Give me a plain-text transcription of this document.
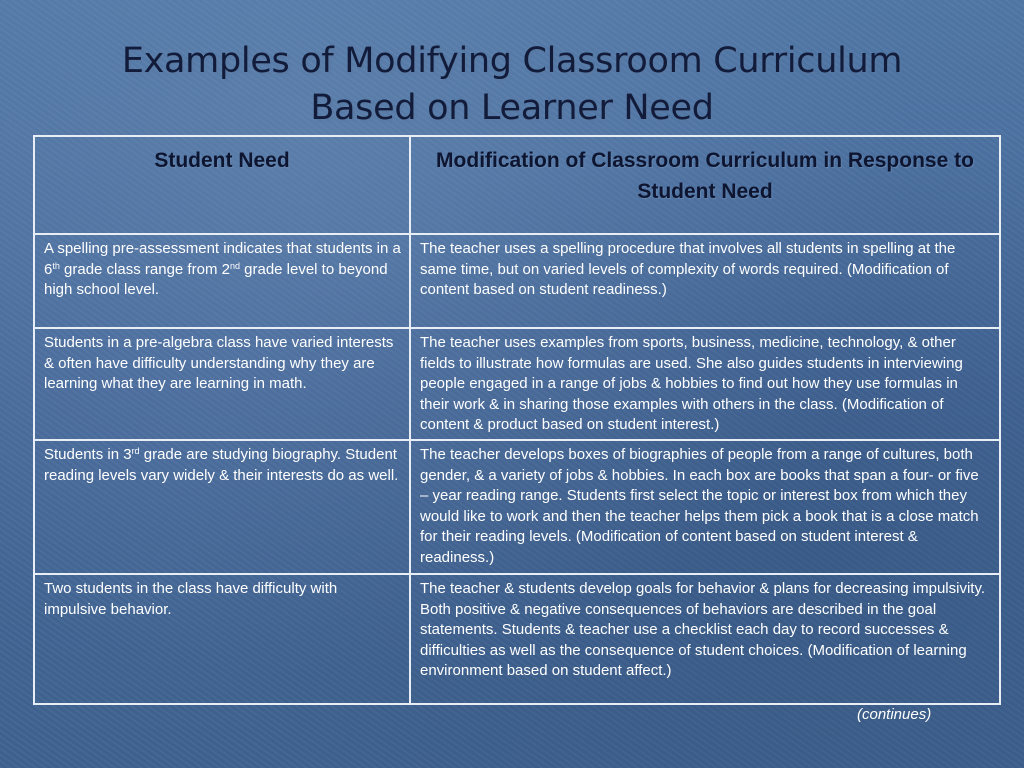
Examples of Modifying Classroom Curriculum
Based on Learner Need
Student Need	Modification of Classroom Curriculum in Response to Student Need
A spelling pre-assessment indicates that students in a 6th grade class range from 2nd grade level to beyond high school level.	The teacher uses a spelling procedure that involves all students in spelling at the same time, but on varied levels of complexity of words required. (Modification of content based on student readiness.)
Students in a pre-algebra class have varied interests & often have difficulty understanding why they are learning what they are learning in math.	The teacher uses examples from sports, business, medicine, technology, & other fields to illustrate how formulas are used. She also guides students in interviewing people engaged in a range of jobs & hobbies to find out how they use formulas in their work & in sharing those examples with others in the class. (Modification of content & product based on student interest.)
Students in 3rd grade are studying biography. Student reading levels vary widely & their interests do as well.	The teacher develops boxes of biographies of people from a range of cultures, both gender, & a variety of jobs & hobbies. In each box are books that span a four- or five – year reading range. Students first select the topic or interest box from which they would like to work and then the teacher helps them pick a book that is a close match for their reading levels. (Modification of content based on student interest & readiness.)
Two students in the class have difficulty with impulsive behavior.	The teacher & students develop goals for behavior & plans for decreasing impulsivity. Both positive & negative consequences of behaviors are described in the goal statements. Students & teacher use a checklist each day to record successes & difficulties as well as the consequence of student choices. (Modification of learning environment based on student affect.)
(continues)
